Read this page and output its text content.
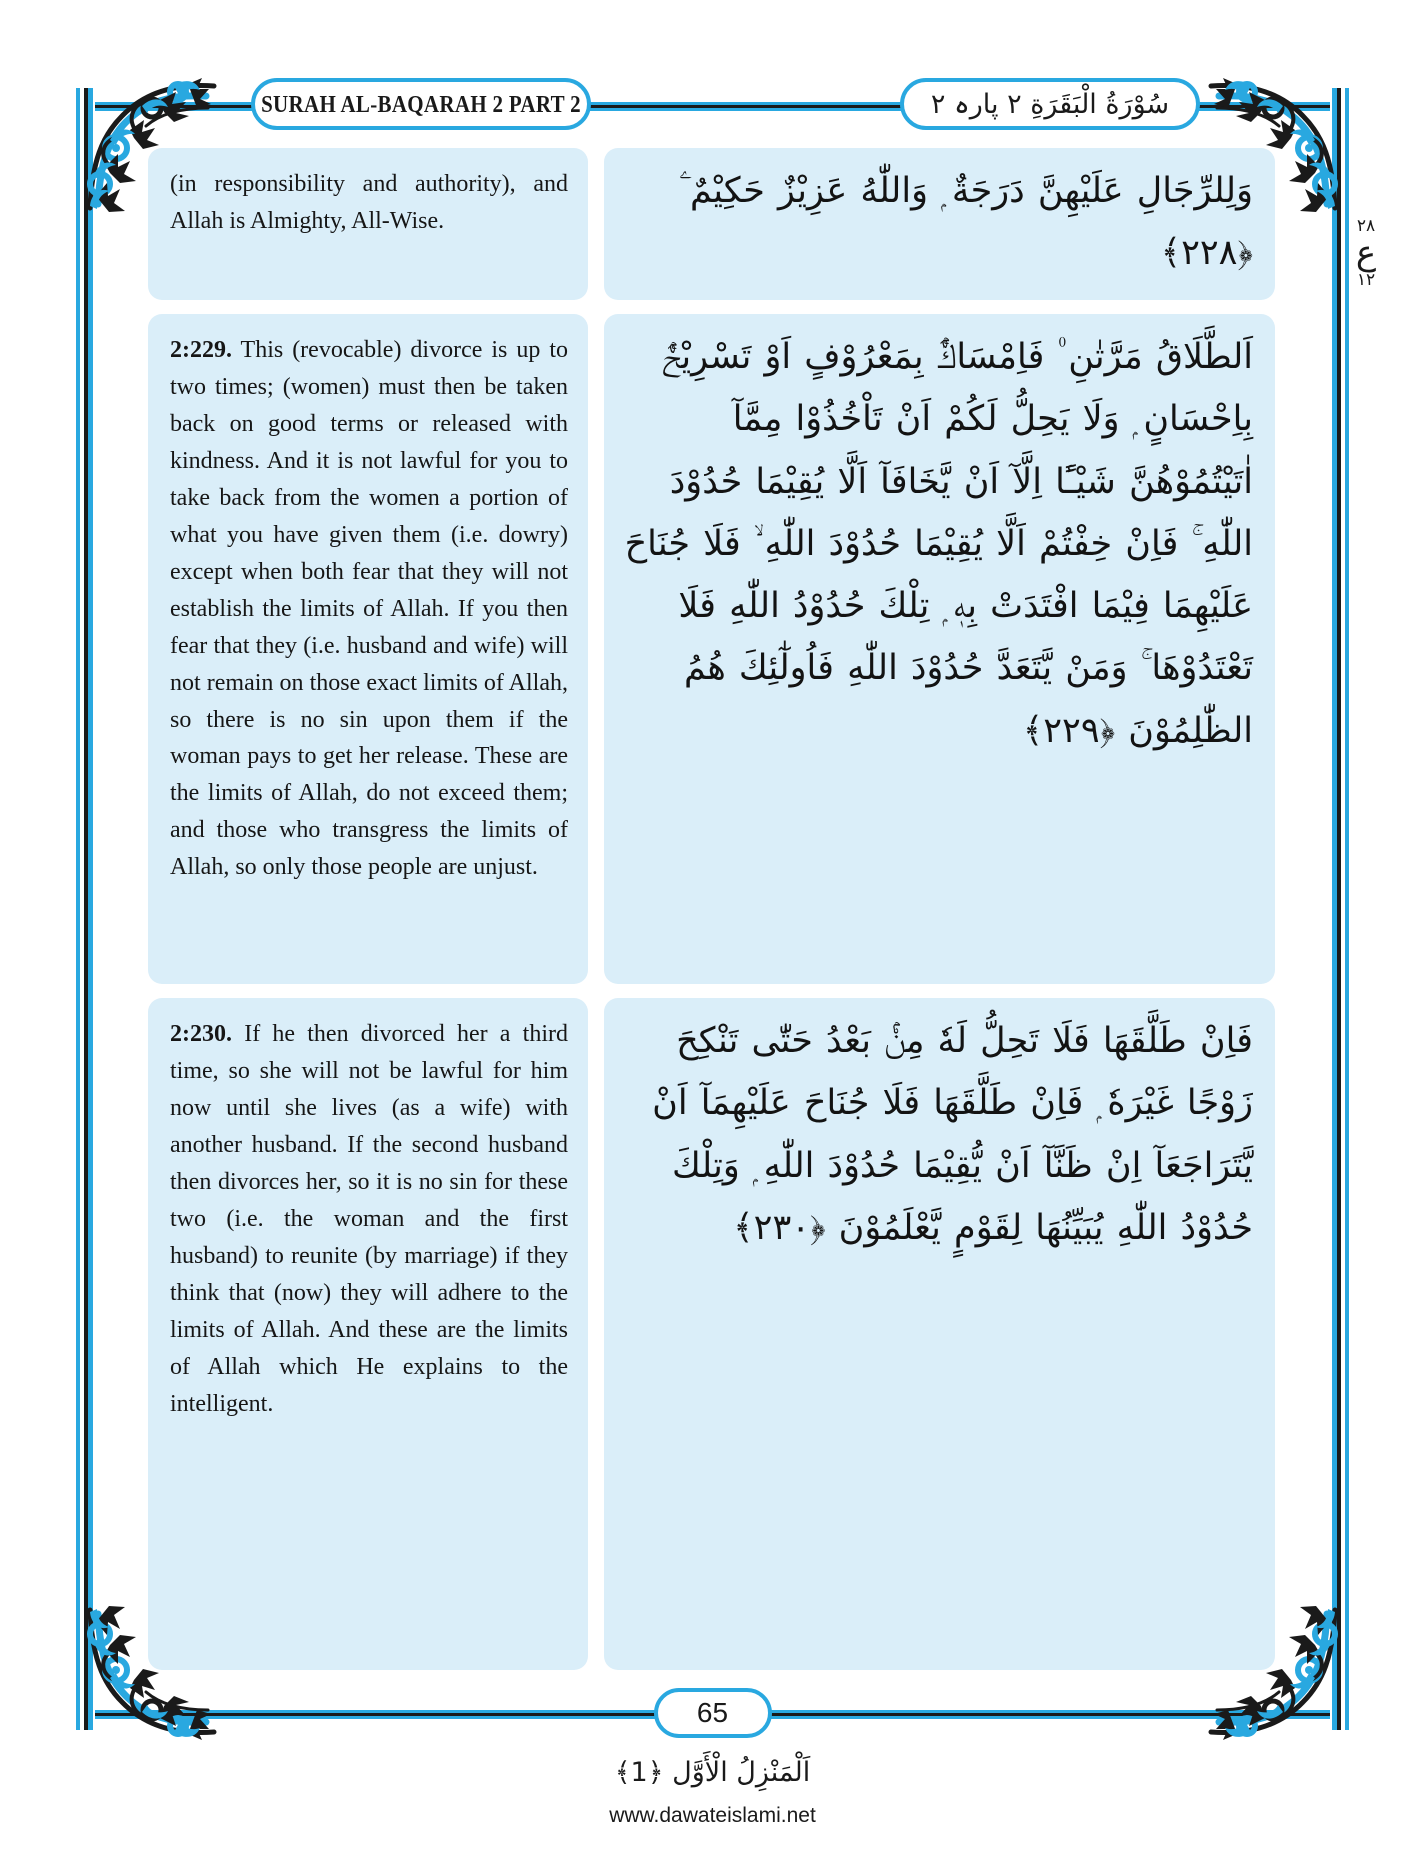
SURAH AL-BAQARAH 2 PART 2	سُوْرَةُ الْبَقَرَةِ ٢ پارہ ٢
٢٨
ع
١٢
(in responsibility and authority), and Allah is Almighty, All-Wise.
وَلِلرِّجَالِ عَلَيْهِنَّ دَرَجَةٌ ۭ وَاللّٰهُ عَزِيْزٌ حَكِيْمٌ ۧ ﴿٢٢٨﴾
2:229. This (revocable) divorce is up to two times; (women) must then be taken back on good terms or released with kindness. And it is not lawful for you to take back from the women a portion of what you have given them (i.e. dowry) except when both fear that they will not establish the limits of Allah. If you then fear that they (i.e. husband and wife) will not remain on those exact limits of Allah, so there is no sin upon them if the woman pays to get her release. These are the limits of Allah, do not exceed them; and those who transgress the limits of Allah, so only those people are unjust.
اَلطَّلَاقُ مَرَّتٰنِ ۠ فَاِمْسَاكٌۢ بِمَعْرُوْفٍ اَوْ تَسْرِيْحٌۢ بِاِحْسَانٍ ۭ وَلَا يَحِلُّ لَكُمْ اَنْ تَاْخُذُوْا مِمَّآ اٰتَيْتُمُوْهُنَّ شَيْـًٔا اِلَّآ اَنْ يَّخَافَآ اَلَّا يُقِيْمَا حُدُوْدَ اللّٰهِ ۚ فَاِنْ خِفْتُمْ اَلَّا يُقِيْمَا حُدُوْدَ اللّٰهِ ۙ فَلَا جُنَاحَ عَلَيْهِمَا فِيْمَا افْتَدَتْ بِهٖ ۭ تِلْكَ حُدُوْدُ اللّٰهِ فَلَا تَعْتَدُوْهَا ۚ وَمَنْ يَّتَعَدَّ حُدُوْدَ اللّٰهِ فَاُولٰٓئِكَ هُمُ الظّٰلِمُوْنَ ﴿٢٢٩﴾
2:230. If he then divorced her a third time, so she will not be lawful for him now until she lives (as a wife) with another husband. If the second husband then divorces her, so it is no sin for these two (i.e. the woman and the first husband) to reunite (by marriage) if they think that (now) they will adhere to the limits of Allah. And these are the limits of Allah which He explains to the intelligent.
فَاِنْ طَلَّقَهَا فَلَا تَحِلُّ لَهٗ مِنْۢ بَعْدُ حَتّٰى تَنْكِحَ زَوْجًا غَيْرَهٗ ۭ فَاِنْ طَلَّقَهَا فَلَا جُنَاحَ عَلَيْهِمَآ اَنْ يَّتَرَاجَعَآ اِنْ ظَنَّآ اَنْ يُّقِيْمَا حُدُوْدَ اللّٰهِ ۭ وَتِلْكَ حُدُوْدُ اللّٰهِ يُبَيِّنُهَا لِقَوْمٍ يَّعْلَمُوْنَ ﴿٢٣٠﴾
65
اَلْمَنْزِلُ الْأَوَّل ﴿1﴾
www.dawateislami.net
